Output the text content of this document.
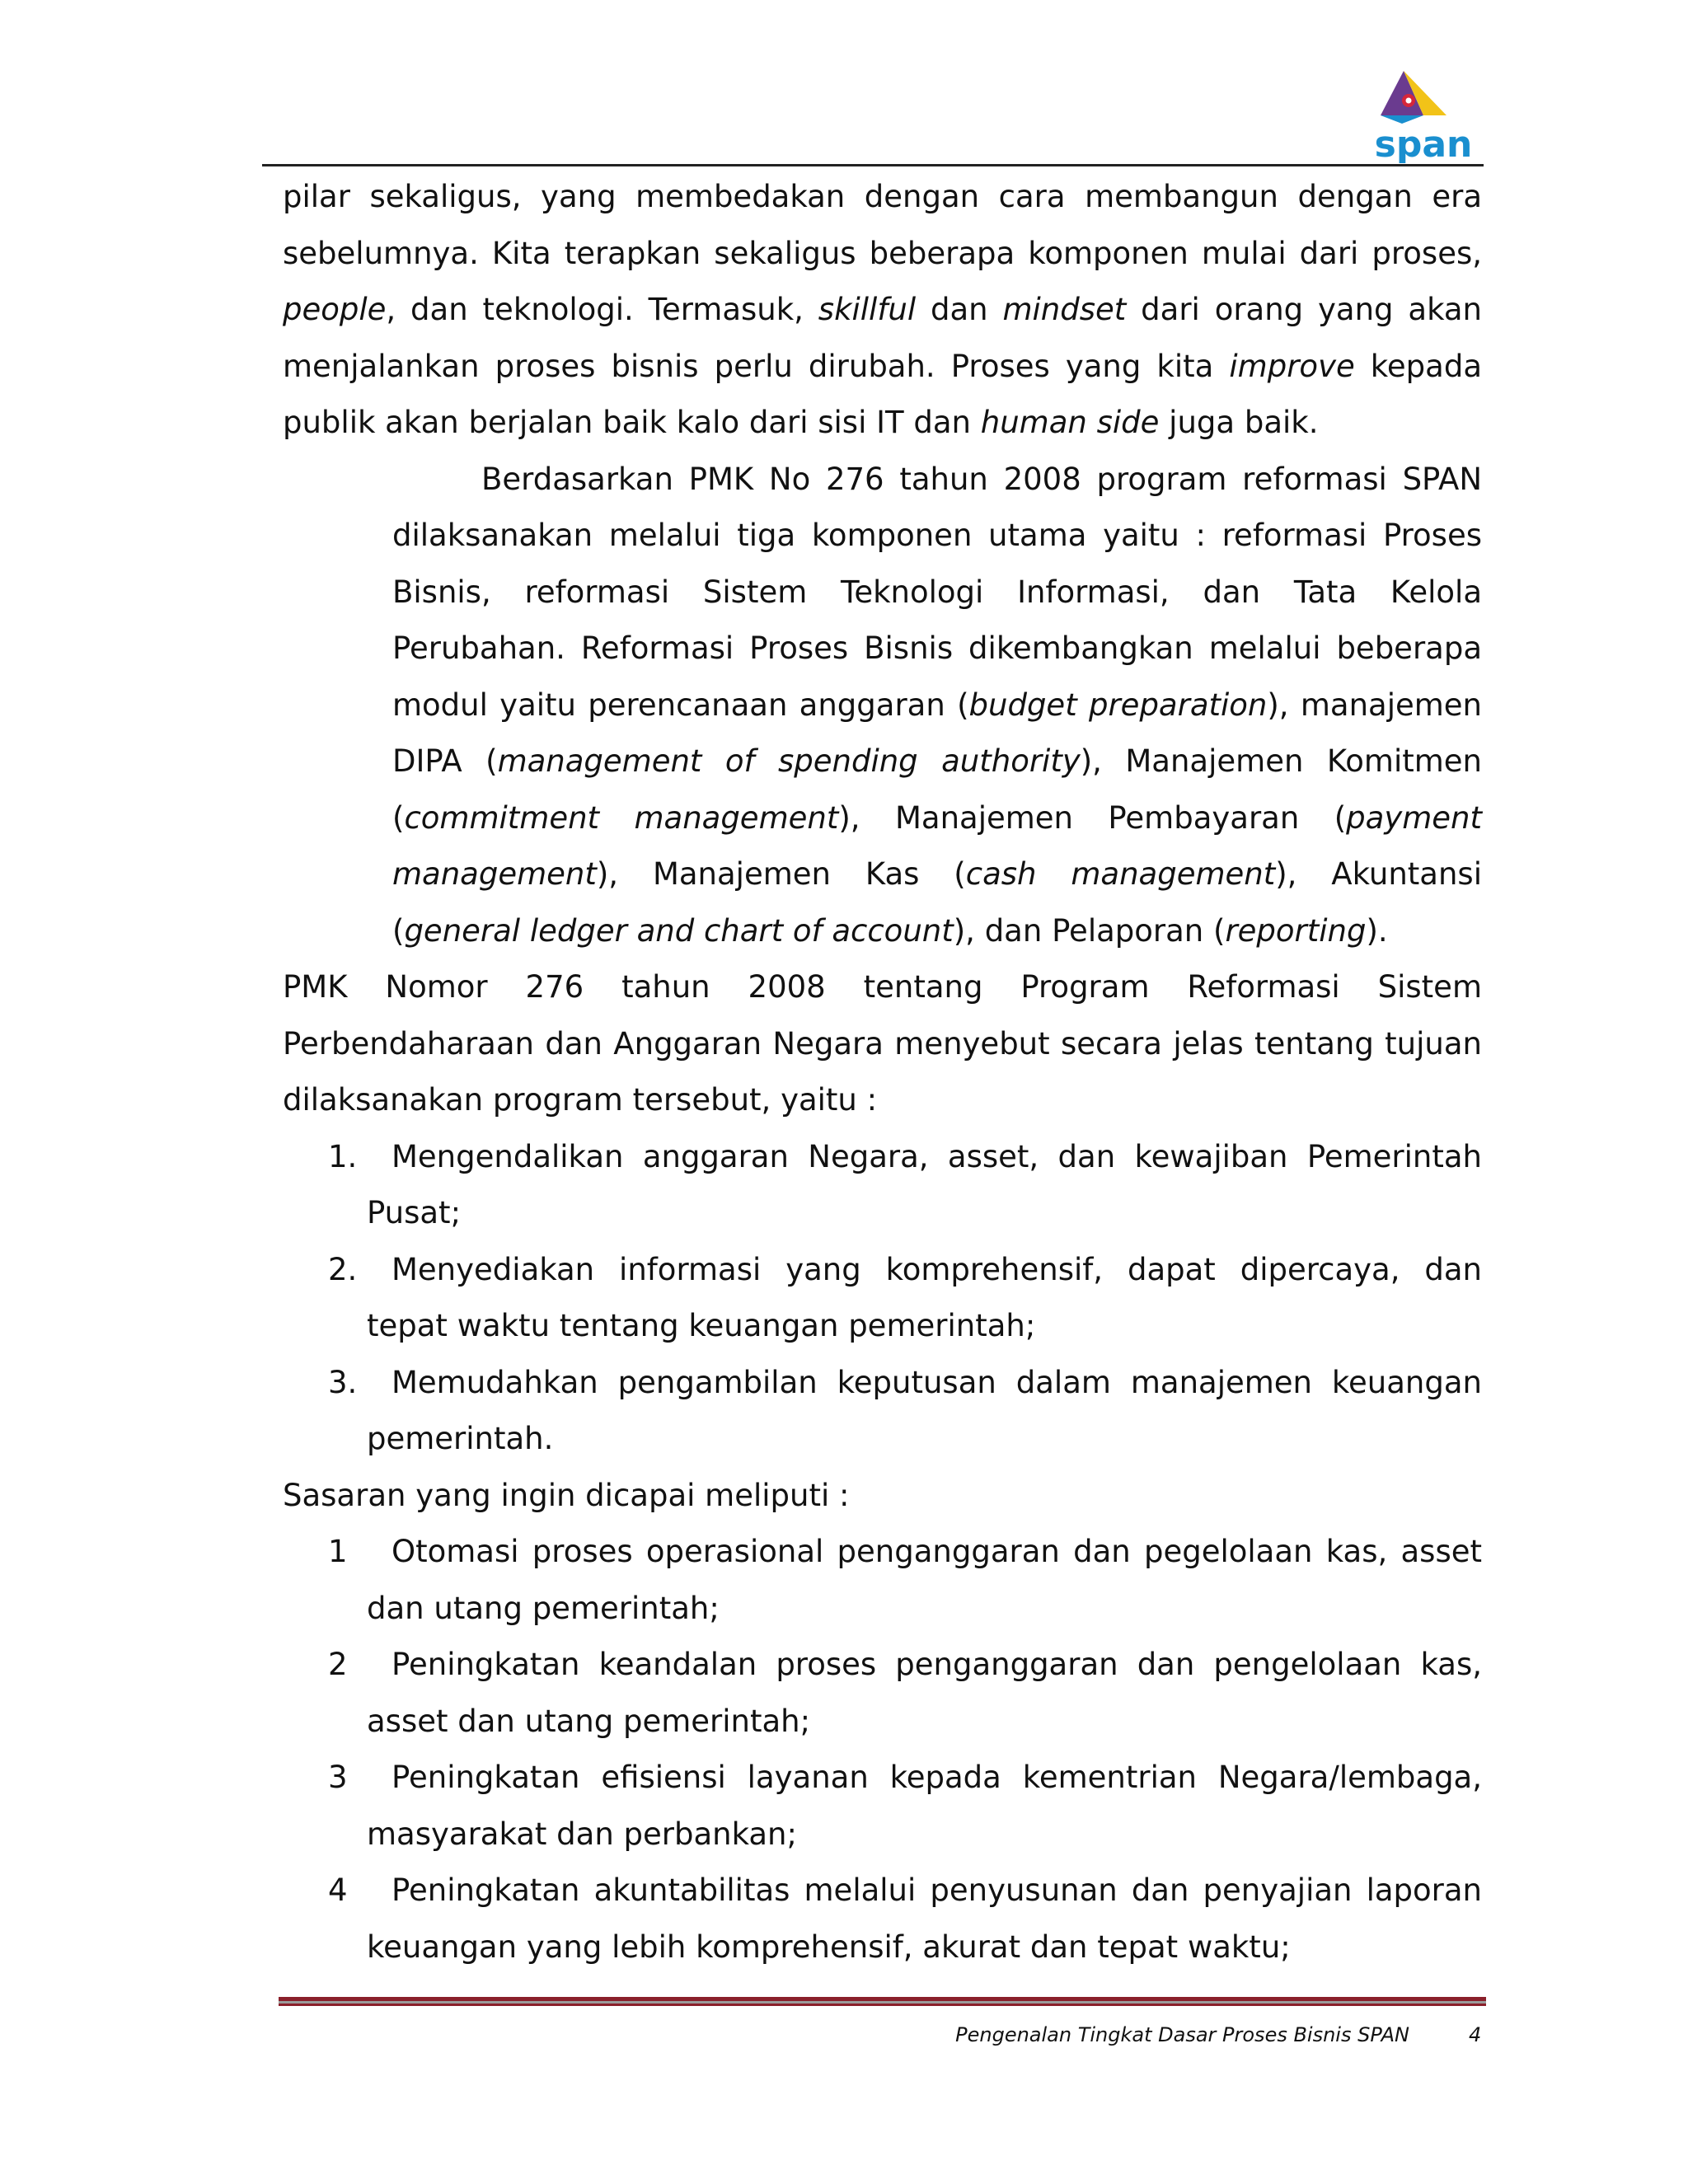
span

pilar sekaligus, yang membedakan dengan cara membangun dengan era sebelumnya. Kita terapkan sekaligus beberapa komponen mulai dari proses, people, dan teknologi. Termasuk, skillful dan mindset dari orang yang akan menjalankan proses bisnis perlu dirubah. Proses yang kita improve kepada publik akan berjalan baik kalo dari sisi IT dan human side juga baik.

Berdasarkan PMK No 276 tahun 2008 program reformasi SPAN dilaksanakan melalui tiga komponen utama yaitu : reformasi Proses Bisnis, reformasi Sistem Teknologi Informasi, dan Tata Kelola Perubahan. Reformasi Proses Bisnis dikembangkan melalui beberapa modul yaitu perencanaan anggaran (budget preparation), manajemen DIPA (management of spending authority), Manajemen Komitmen (commitment management), Manajemen Pembayaran (payment management), Manajemen Kas (cash management), Akuntansi (general ledger and chart of account), dan Pelaporan (reporting).

PMK Nomor 276 tahun 2008 tentang Program Reformasi Sistem Perbendaharaan dan Anggaran Negara menyebut secara jelas tentang tujuan dilaksanakan program tersebut, yaitu :

1.	Mengendalikan anggaran Negara, asset, dan kewajiban Pemerintah Pusat;
2.	Menyediakan informasi yang komprehensif, dapat dipercaya, dan tepat waktu tentang keuangan pemerintah;
3.	Memudahkan pengambilan keputusan dalam manajemen keuangan pemerintah.

Sasaran yang ingin dicapai meliputi :

1	Otomasi proses operasional penganggaran dan pegelolaan kas, asset dan utang pemerintah;
2	Peningkatan keandalan proses penganggaran dan pengelolaan kas, asset dan utang pemerintah;
3	Peningkatan efisiensi layanan kepada kementrian Negara/lembaga, masyarakat dan perbankan;
4	Peningkatan akuntabilitas melalui penyusunan dan penyajian laporan keuangan yang lebih komprehensif, akurat dan tepat waktu;
Pengenalan Tingkat Dasar Proses Bisnis SPAN	4
